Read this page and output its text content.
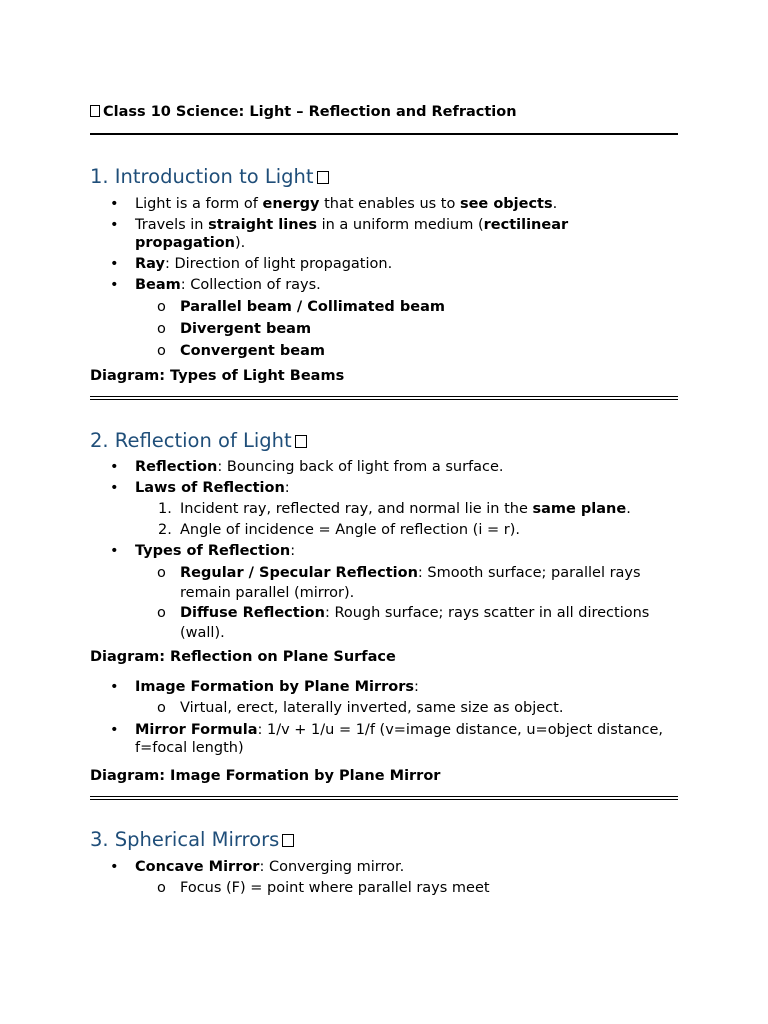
Class 10 Science: Light – Reflection and Refraction
1. Introduction to Light
• Light is a form of energy that enables us to see objects.
• Travels in straight lines in a uniform medium (rectilinear propagation).
• Ray: Direction of light propagation.
• Beam: Collection of rays.
o Parallel beam / Collimated beam
o Divergent beam
o Convergent beam
Diagram: Types of Light Beams
2. Reflection of Light
• Reflection: Bouncing back of light from a surface.
• Laws of Reflection:
1. Incident ray, reflected ray, and normal lie in the same plane.
2. Angle of incidence = Angle of reflection (i = r).
• Types of Reflection:
o Regular / Specular Reflection: Smooth surface; parallel rays remain parallel (mirror).
o Diffuse Reflection: Rough surface; rays scatter in all directions (wall).
Diagram: Reflection on Plane Surface
• Image Formation by Plane Mirrors:
o Virtual, erect, laterally inverted, same size as object.
• Mirror Formula: 1/v + 1/u = 1/f (v=image distance, u=object distance, f=focal length)
Diagram: Image Formation by Plane Mirror
3. Spherical Mirrors
• Concave Mirror: Converging mirror.
o Focus (F) = point where parallel rays meet
